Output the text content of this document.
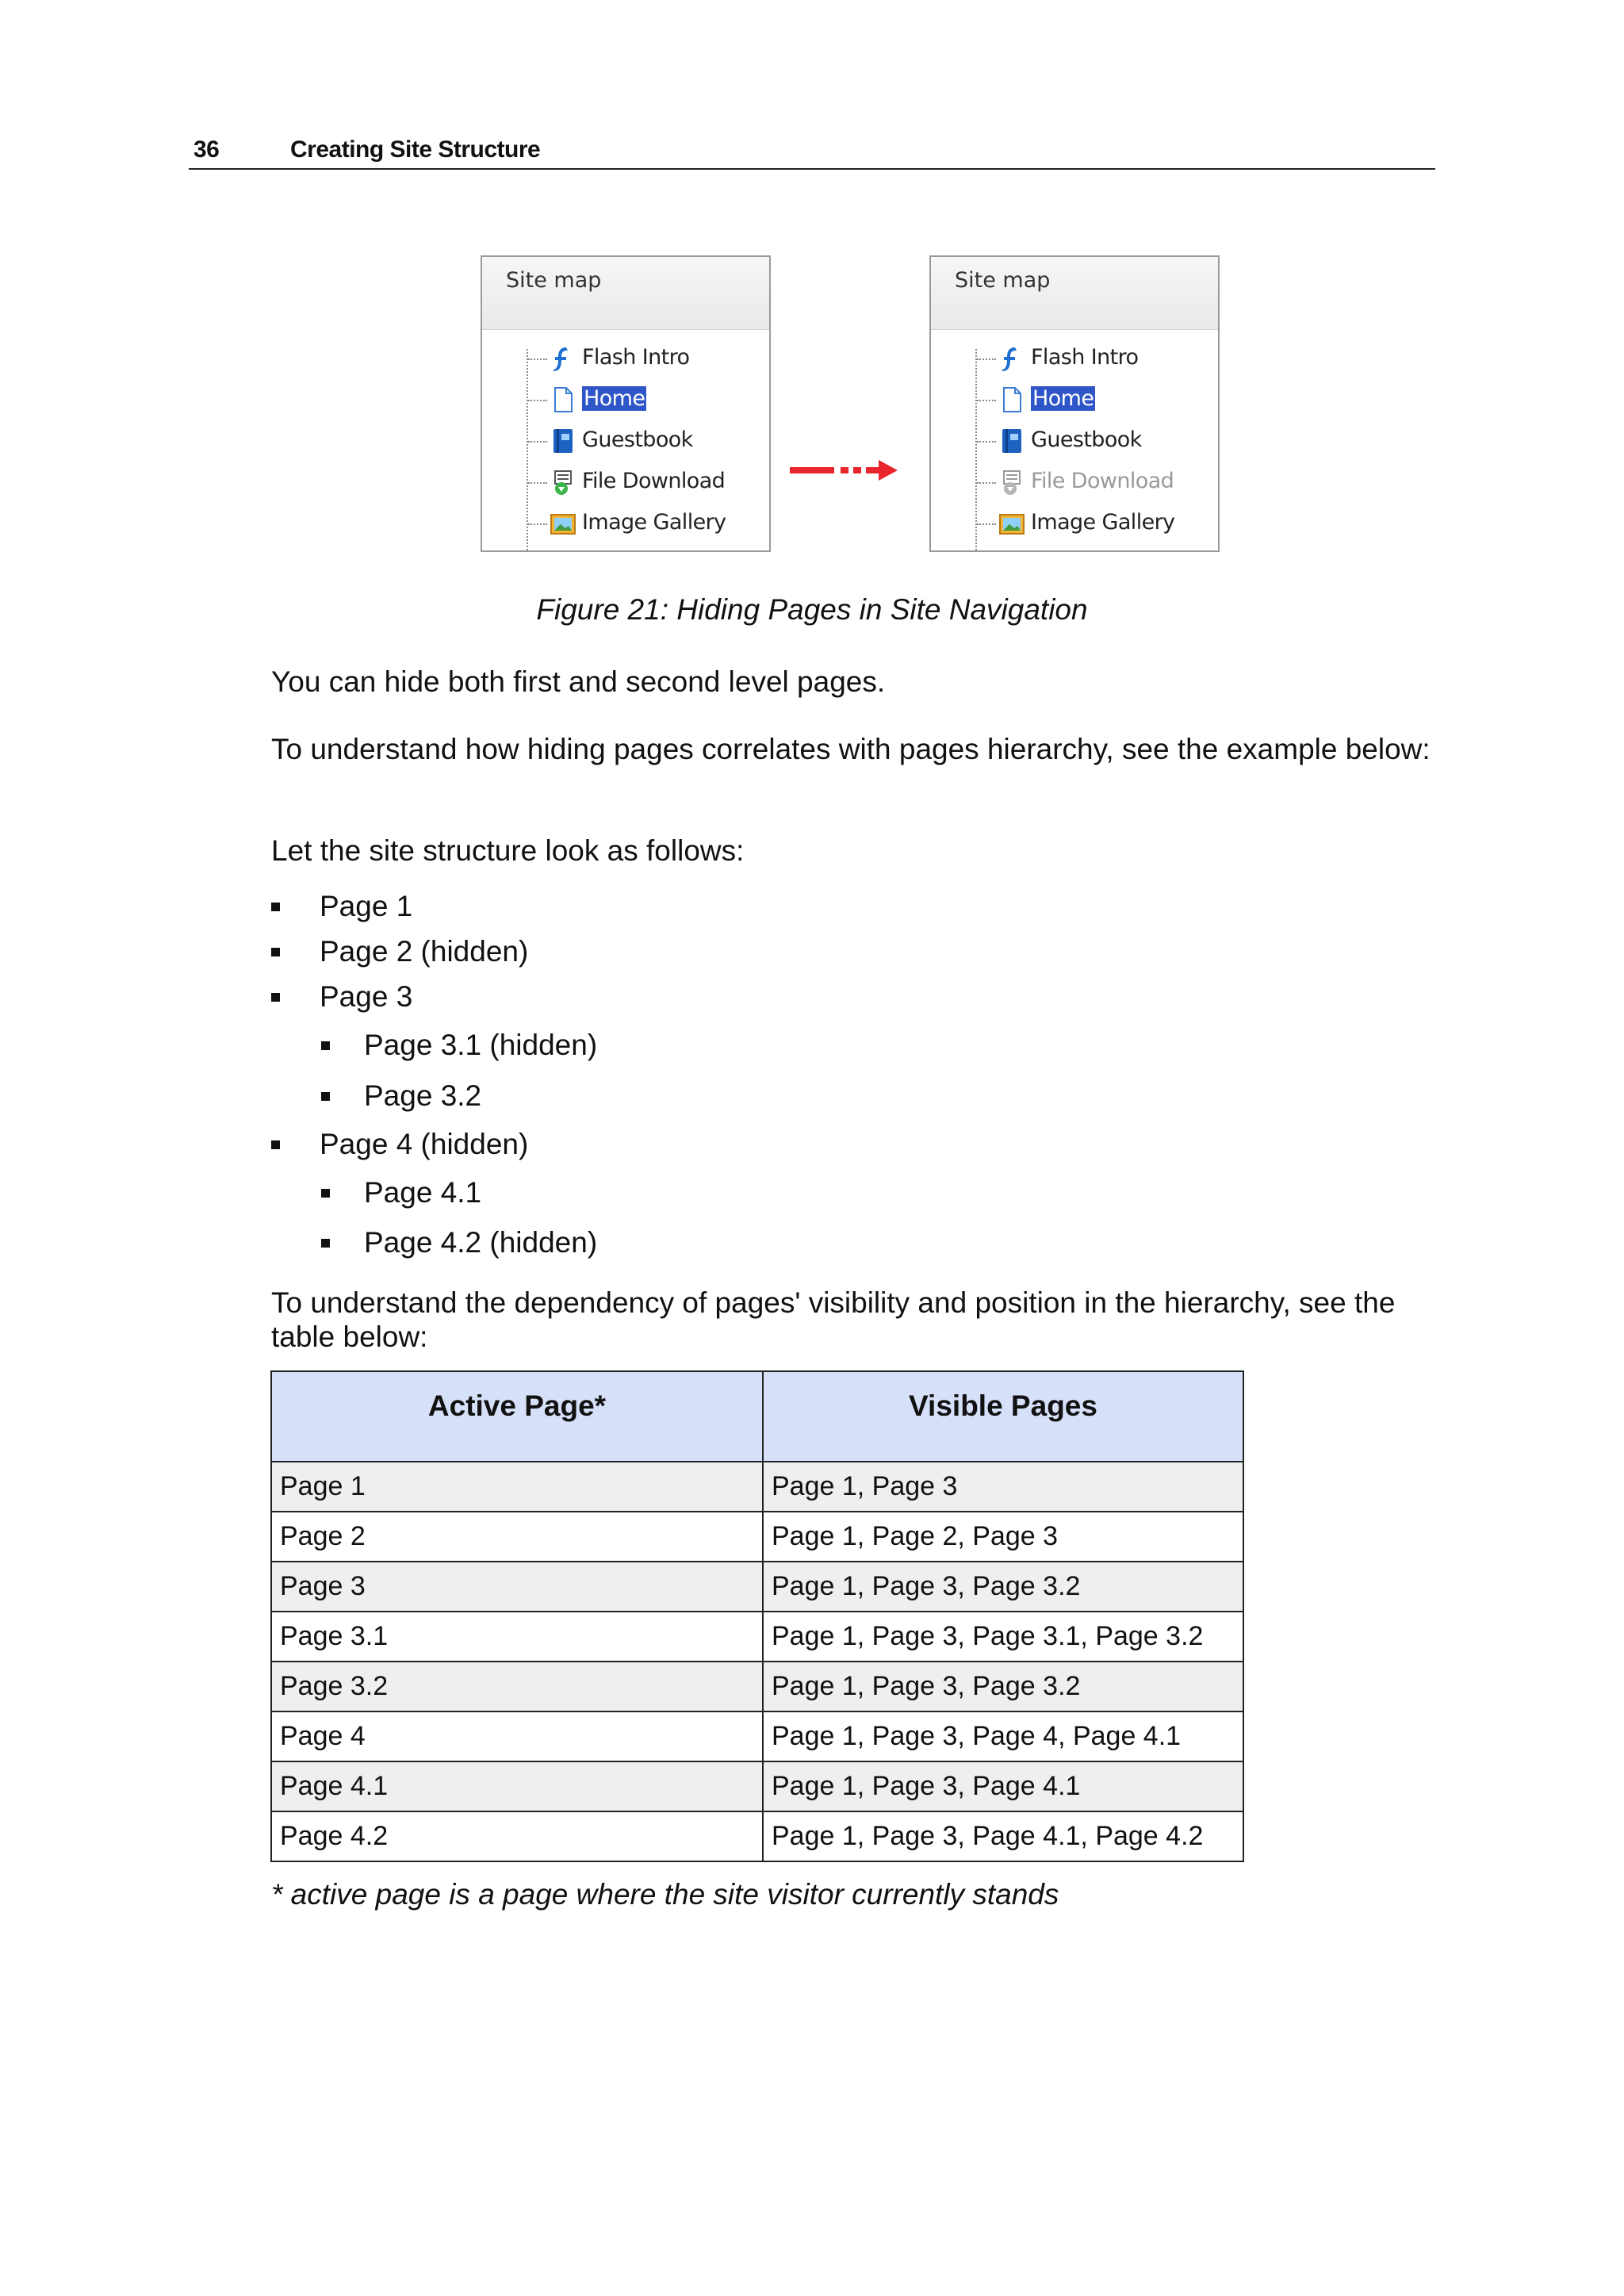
36	Creating Site Structure
Site map
Flash Intro
Home
Guestbook
File Download
Image Gallery
Site map
Flash Intro
Home
Guestbook
File Download
Image Gallery
Figure 21: Hiding Pages in Site Navigation
You can hide both first and second level pages.
To understand how hiding pages correlates with pages hierarchy, see the example below:
Let the site structure look as follows:
Page 1
Page 2 (hidden)
Page 3
Page 3.1 (hidden)
Page 3.2
Page 4 (hidden)
Page 4.1
Page 4.2 (hidden)
To understand the dependency of pages' visibility and position in the hierarchy, see the table below:
Active Page*	Visible Pages
Page 1	Page 1, Page 3
Page 2	Page 1, Page 2, Page 3
Page 3	Page 1, Page 3, Page 3.2
Page 3.1	Page 1, Page 3, Page 3.1, Page 3.2
Page 3.2	Page 1, Page 3, Page 3.2
Page 4	Page 1, Page 3, Page 4, Page 4.1
Page 4.1	Page 1, Page 3, Page 4.1
Page 4.2	Page 1, Page 3, Page 4.1, Page 4.2
* active page is a page where the site visitor currently stands
